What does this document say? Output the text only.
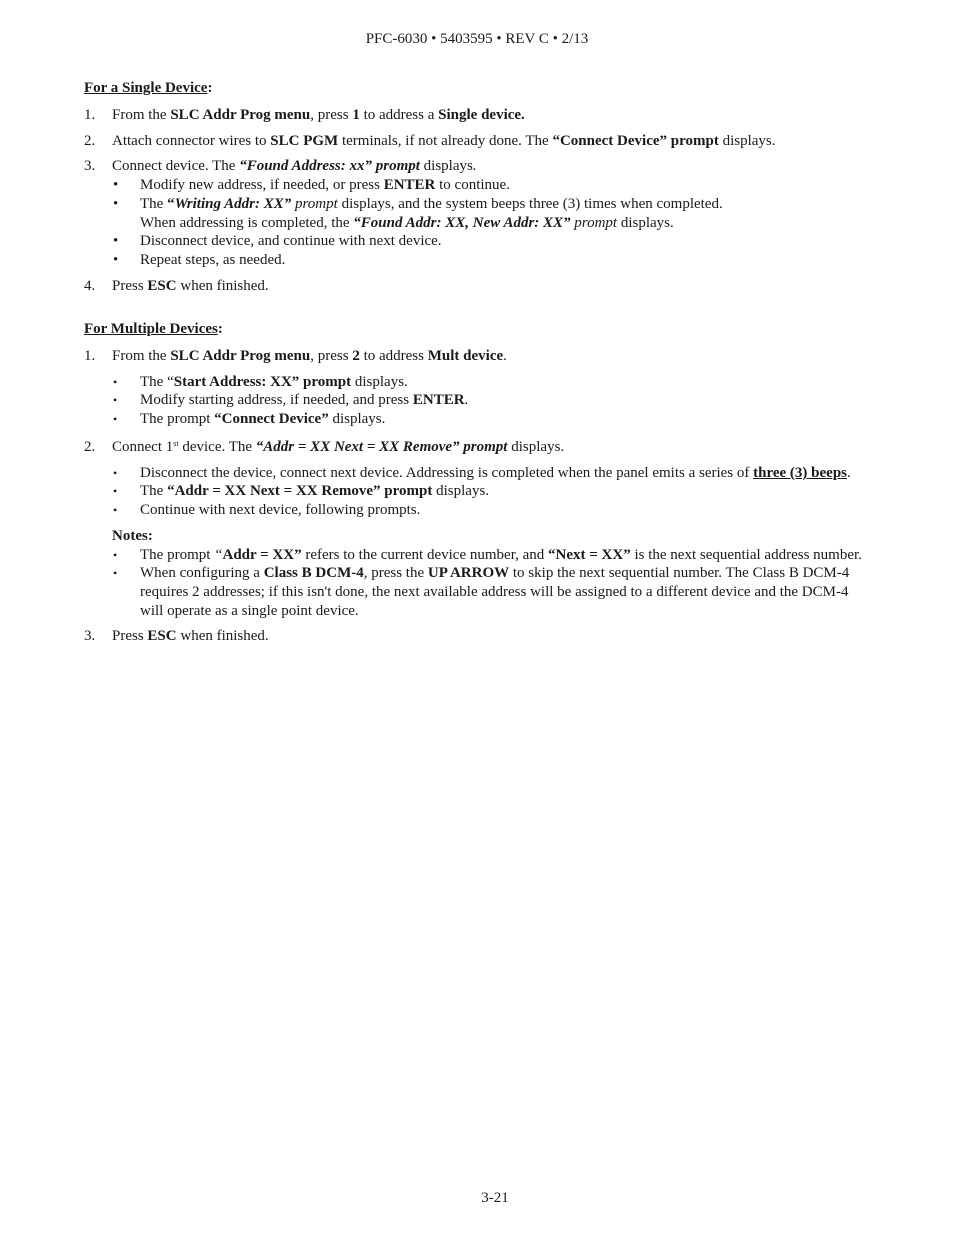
PFC-6030 • 5403595 • REV C • 2/13
For a Single Device:
1. From the SLC Addr Prog menu, press 1 to address a Single device.
2. Attach connector wires to SLC PGM terminals, if not already done. The “Connect Device” prompt displays.
3. Connect device. The “Found Address: xx” prompt displays.
• Modify new address, if needed, or press ENTER to continue.
• The “Writing Addr: XX” prompt displays, and the system beeps three (3) times when completed.
When addressing is completed, the “Found Addr: XX, New Addr: XX” prompt displays.
• Disconnect device, and continue with next device.
• Repeat steps, as needed.
4. Press ESC when finished.
For Multiple Devices:
1. From the SLC Addr Prog menu, press 2 to address Mult device.
• The “Start Address: XX” prompt displays.
• Modify starting address, if needed, and press ENTER.
• The prompt “Connect Device” displays.
2. Connect 1st device. The “Addr = XX Next = XX Remove” prompt displays.
• Disconnect the device, connect next device. Addressing is completed when the panel emits a series of three (3) beeps.
• The “Addr = XX Next = XX Remove” prompt displays.
• Continue with next device, following prompts.
Notes:
• The prompt “Addr = XX” refers to the current device number, and “Next = XX” is the next sequential address number.
• When configuring a Class B DCM-4, press the UP ARROW to skip the next sequential number. The Class B DCM-4
requires 2 addresses; if this isn't done, the next available address will be assigned to a different device and the DCM-4
will operate as a single point device.
3. Press ESC when finished.
3-21
